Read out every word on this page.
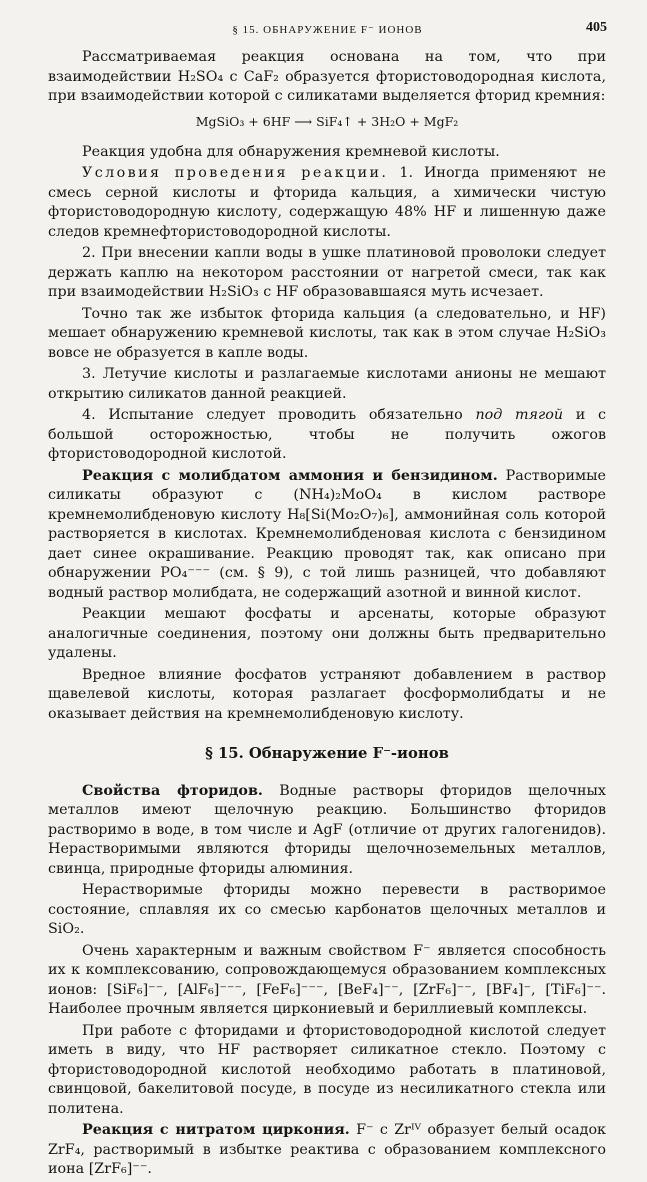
§ 15. ОБНАРУЖЕНИЕ F⁻ ИОНОВ	405

Рассматриваемая реакция основана на том, что при взаимодействии H₂SO₄ с CaF₂ образуется фтористоводородная кислота, при взаимодействии которой с силикатами выделяется фторид кремния:

MgSiO₃ + 6HF ⟶ SiF₄↑ + 3H₂O + MgF₂

Реакция удобна для обнаружения кремневой кислоты.

Условия проведения реакции. 1. Иногда применяют не смесь серной кислоты и фторида кальция, а химически чистую фтористоводородную кислоту, содержащую 48% HF и лишенную даже следов кремнефтористоводородной кислоты.

2. При внесении капли воды в ушке платиновой проволоки следует держать каплю на некотором расстоянии от нагретой смеси, так как при взаимодействии H₂SiO₃ с HF образовавшаяся муть исчезает.

Точно так же избыток фторида кальция (а следовательно, и HF) мешает обнаружению кремневой кислоты, так как в этом случае H₂SiO₃ вовсе не образуется в капле воды.

3. Летучие кислоты и разлагаемые кислотами анионы не мешают открытию силикатов данной реакцией.

4. Испытание следует проводить обязательно под тягой и с большой осторожностью, чтобы не получить ожогов фтористоводородной кислотой.

Реакция с молибдатом аммония и бензидином. Растворимые силикаты образуют с (NH₄)₂MoO₄ в кислом растворе кремнемолибденовую кислоту H₈[Si(Mo₂O₇)₆], аммонийная соль которой растворяется в кислотах. Кремнемолибденовая кислота с бензидином дает синее окрашивание. Реакцию проводят так, как описано при обнаружении PO₄⁻⁻⁻ (см. § 9), с той лишь разницей, что добавляют водный раствор молибдата, не содержащий азотной и винной кислот.

Реакции мешают фосфаты и арсенаты, которые образуют аналогичные соединения, поэтому они должны быть предварительно удалены.

Вредное влияние фосфатов устраняют добавлением в раствор щавелевой кислоты, которая разлагает фосформолибдаты и не оказывает действия на кремнемолибденовую кислоту.

§ 15. Обнаружение F⁻-ионов

Свойства фторидов. Водные растворы фторидов щелочных металлов имеют щелочную реакцию. Большинство фторидов растворимо в воде, в том числе и AgF (отличие от других галогенидов). Нерастворимыми являются фториды щелочноземельных металлов, свинца, природные фториды алюминия.

Нерастворимые фториды можно перевести в растворимое состояние, сплавляя их со смесью карбонатов щелочных металлов и SiO₂.

Очень характерным и важным свойством F⁻ является способность их к комплексованию, сопровождающемуся образованием комплексных ионов: [SiF₆]⁻⁻, [AlF₆]⁻⁻⁻, [FeF₆]⁻⁻⁻, [BeF₄]⁻⁻, [ZrF₆]⁻⁻, [BF₄]⁻, [TiF₆]⁻⁻. Наиболее прочным является циркониевый и бериллиевый комплексы.

При работе с фторидами и фтористоводородной кислотой следует иметь в виду, что HF растворяет силикатное стекло. Поэтому с фтористоводородной кислотой необходимо работать в платиновой, свинцовой, бакелитовой посуде, в посуде из несиликатного стекла или политена.

Реакция с нитратом циркония. F⁻ с Zrᴵⱽ образует белый осадок ZrF₄, растворимый в избытке реактива с образованием комплексного иона [ZrF₆]⁻⁻.
